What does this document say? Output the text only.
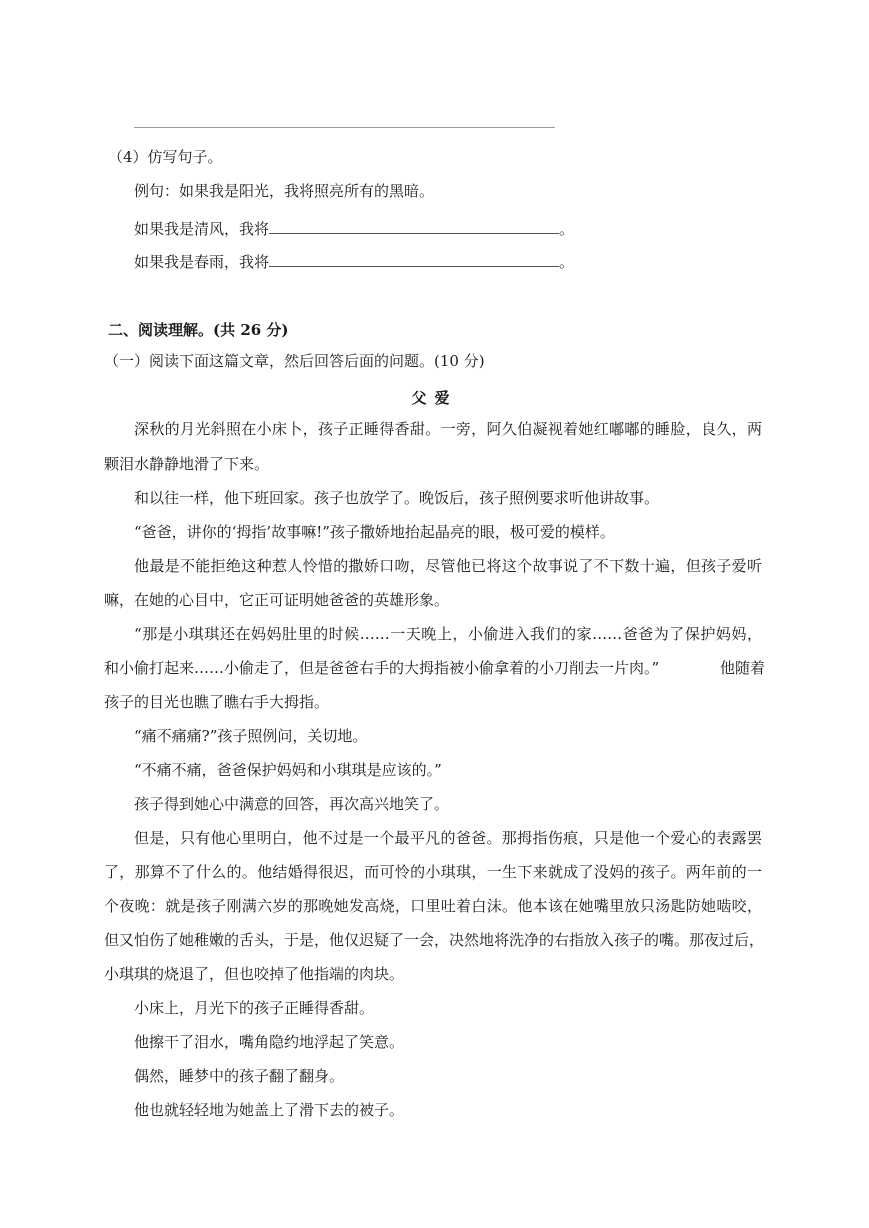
（4）仿写句子。
例句：如果我是阳光，我将照亮所有的黑暗。
如果我是清风，我将	。
如果我是春雨，我将	。
二、阅读理解。(共 26 分)
（一）阅读下面这篇文章，然后回答后面的问题。(10 分)
父爱
深秋的月光斜照在小床卜，孩子正睡得香甜。一旁，阿久伯凝视着她红嘟嘟的睡脸，良久，两
颗泪水静静地滑了下来。
和以往一样，他下班回家。孩子也放学了。晚饭后，孩子照例要求听他讲故事。
“爸爸，讲你的‘拇指’故事嘛!”孩子撒娇地抬起晶亮的眼，极可爱的模样。
他最是不能拒绝这种惹人怜惜的撒娇口吻，尽管他已将这个故事说了不下数十遍，但孩子爱听
嘛，在她的心目中，它正可证明她爸爸的英雄形象。
“那是小琪琪还在妈妈肚里的时候……一天晚上，小偷进入我们的家……爸爸为了保护妈妈，
和小偷打起来……小偷走了，但是爸爸右手的大拇指被小偷拿着的小刀削去一片肉。”	他随着
孩子的目光也瞧了瞧右手大拇指。
“痛不痛痛?”孩子照例问，关切地。
“不痛不痛，爸爸保护妈妈和小琪琪是应该的。”
孩子得到她心中满意的回答，再次高兴地笑了。
但是，只有他心里明白，他不过是一个最平凡的爸爸。那拇指伤痕，只是他一个爱心的表露罢
了，那算不了什么的。他结婚得很迟，而可怜的小琪琪，一生下来就成了没妈的孩子。两年前的一
个夜晚：就是孩子刚满六岁的那晚她发高烧，口里吐着白沫。他本该在她嘴里放只汤匙防她啮咬，
但又怕伤了她稚嫩的舌头，于是，他仅迟疑了一会，决然地将洗净的右指放入孩子的嘴。那夜过后，
小琪琪的烧退了，但也咬掉了他指端的肉块。
小床上，月光下的孩子正睡得香甜。
他擦干了泪水，嘴角隐约地浮起了笑意。
偶然，睡梦中的孩子翻了翻身。
他也就轻轻地为她盖上了滑下去的被子。
